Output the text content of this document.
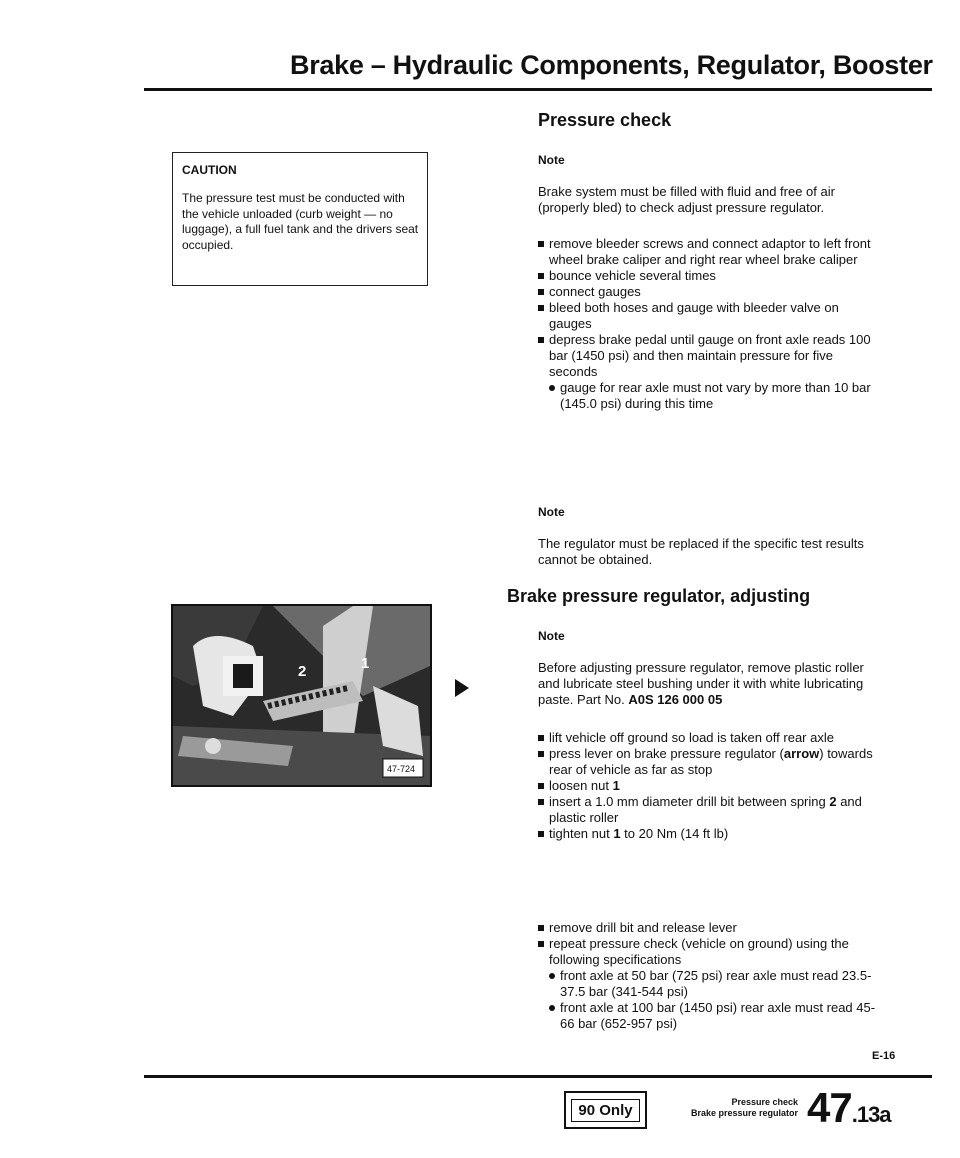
Brake – Hydraulic Components, Regulator, Booster
CAUTION
The pressure test must be conducted with the vehicle unloaded (curb weight — no luggage), a full fuel tank and the drivers seat occupied.
2	1
47-724
Pressure check
Note
Brake system must be filled with fluid and free of air (properly bled) to check adjust pressure regulator.
remove bleeder screws and connect adaptor to left front wheel brake caliper and right rear wheel brake caliper
bounce vehicle several times
connect gauges
bleed both hoses and gauge with bleeder valve on gauges
depress brake pedal until gauge on front axle reads 100 bar (1450 psi) and then maintain pressure for five seconds
gauge for rear axle must not vary by more than 10 bar (145.0 psi) during this time
Note
The regulator must be replaced if the specific test results cannot be obtained.
Brake pressure regulator, adjusting
Note
Before adjusting pressure regulator, remove plastic roller and lubricate steel bushing under it with white lubricating paste. Part No. A0S 126 000 05
lift vehicle off ground so load is taken off rear axle
press lever on brake pressure regulator (arrow) towards rear of vehicle as far as stop
loosen nut 1
insert a 1.0 mm diameter drill bit between spring 2 and plastic roller
tighten nut 1 to 20 Nm (14 ft lb)
remove drill bit and release lever
repeat pressure check (vehicle on ground) using the following specifications
front axle at 50 bar (725 psi) rear axle must read 23.5-37.5 bar (341-544 psi)
front axle at 100 bar (1450 psi) rear axle must read 45-66 bar (652-957 psi)
E-16
90 Only	Pressure check
Brake pressure regulator 47.13a
